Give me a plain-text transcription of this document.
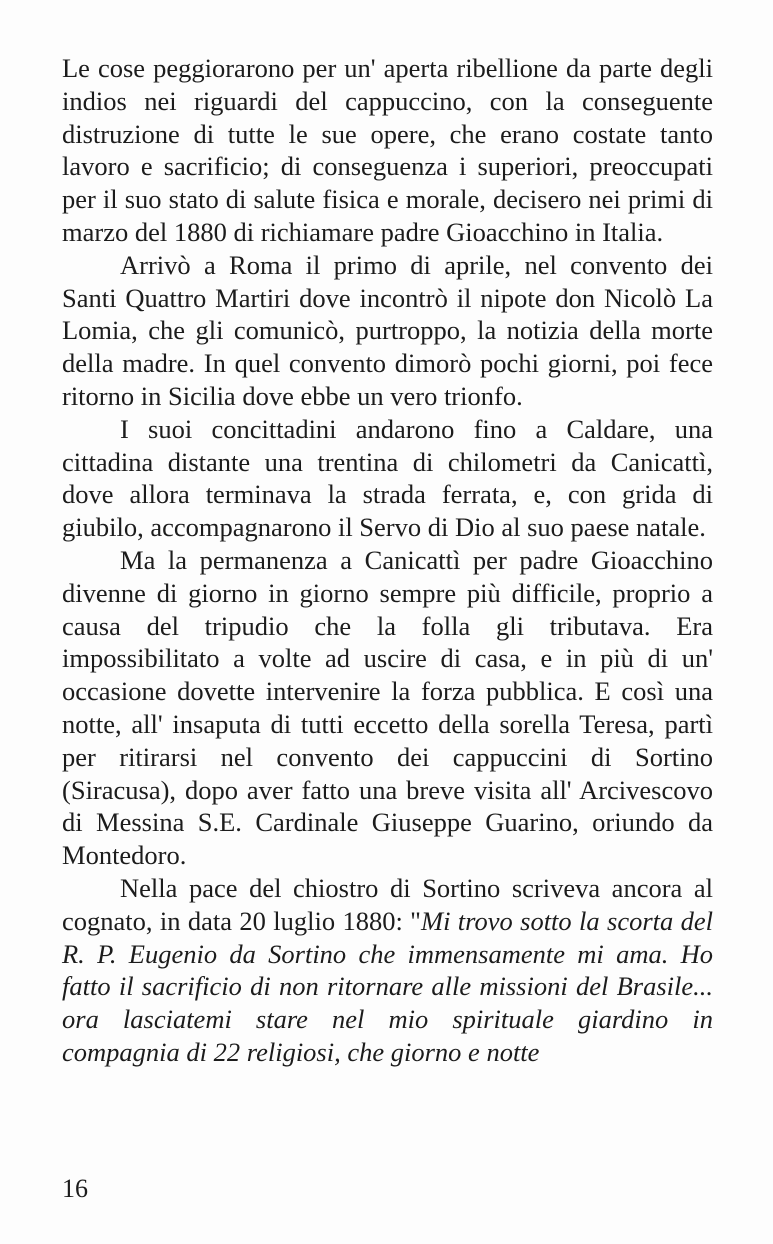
Le cose peggiorarono per un' aperta ribellione da parte degli indios nei riguardi del cappuccino, con la conseguente distruzione di tutte le sue opere, che erano costate tanto lavoro e sacrificio; di conseguenza i superiori, preoccupati per il suo stato di salute fisica e morale, decisero nei primi di marzo del 1880 di richiamare padre Gioacchino in Italia.

Arrivò a Roma il primo di aprile, nel convento dei Santi Quattro Martiri dove incontrò il nipote don Nicolò La Lomia, che gli comunicò, purtroppo, la notizia della morte della madre. In quel convento dimorò pochi giorni, poi fece ritorno in Sicilia dove ebbe un vero trionfo.

I suoi concittadini andarono fino a Caldare, una cittadina distante una trentina di chilometri da Canicattì, dove allora terminava la strada ferrata, e, con grida di giubilo, accompagnarono il Servo di Dio al suo paese natale.

Ma la permanenza a Canicattì per padre Gioacchino divenne di giorno in giorno sempre più difficile, proprio a causa del tripudio che la folla gli tributava. Era impossibilitato a volte ad uscire di casa, e in più di un' occasione dovette intervenire la forza pubblica. E così una notte, all' insaputa di tutti eccetto della sorella Teresa, partì per ritirarsi nel convento dei cappuccini di Sortino (Siracusa), dopo aver fatto una breve visita all' Arcivescovo di Messina S.E. Cardinale Giuseppe Guarino, oriundo da Montedoro.

Nella pace del chiostro di Sortino scriveva ancora al cognato, in data 20 luglio 1880: "Mi trovo sotto la scorta del R. P. Eugenio da Sortino che immensamente mi ama. Ho fatto il sacrificio di non ritornare alle missioni del Brasile... ora lasciatemi stare nel mio spirituale giardino in compagnia di 22 religiosi, che giorno e notte

16
